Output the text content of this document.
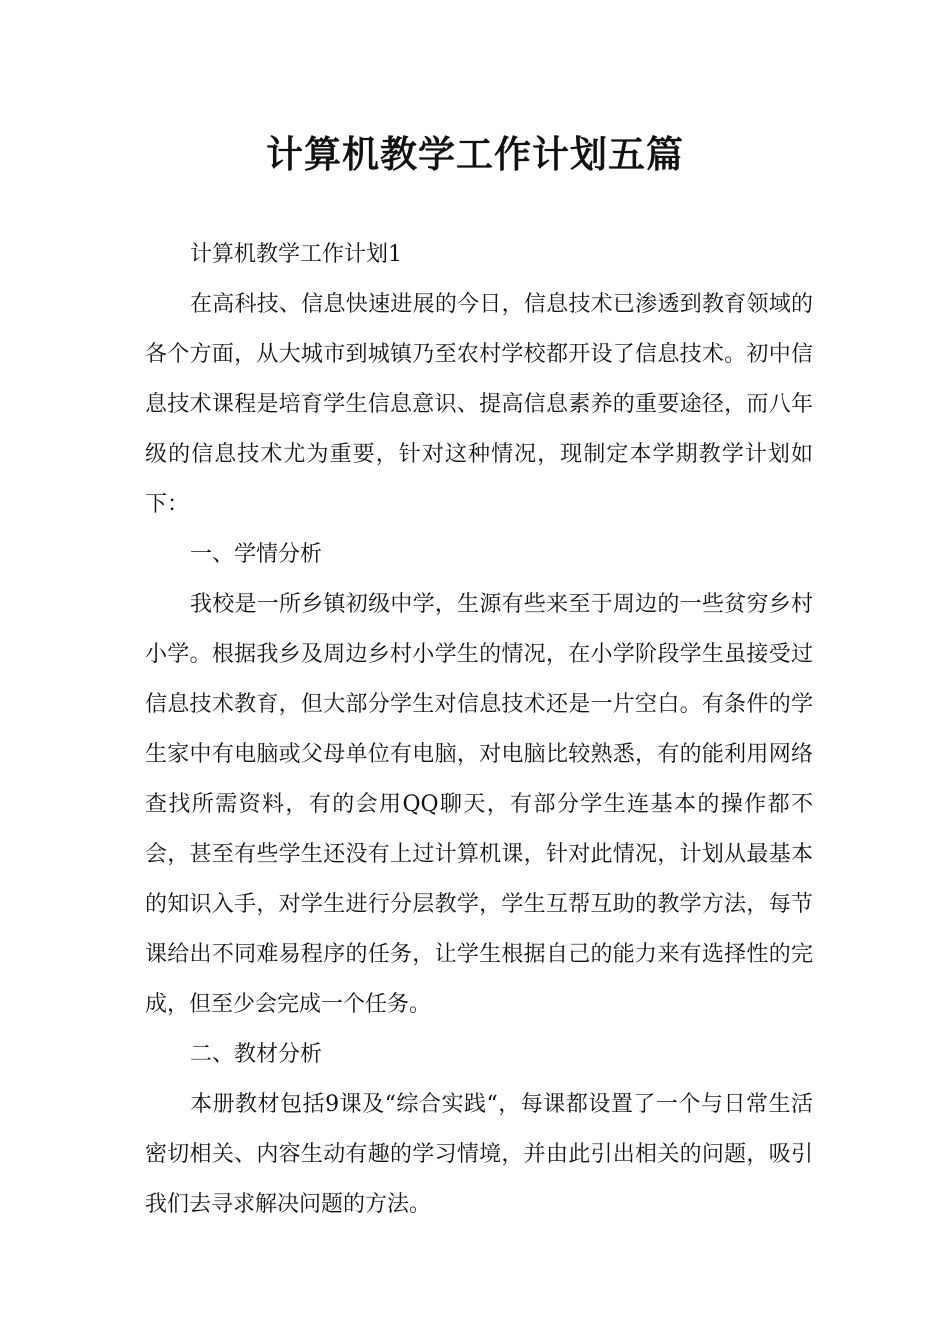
计算机教学工作计划五篇

计算机教学工作计划1

在高科技、信息快速进展的今日，信息技术已渗透到教育领域的各个方面，从大城市到城镇乃至农村学校都开设了信息技术。初中信息技术课程是培育学生信息意识、提高信息素养的重要途径，而八年级的信息技术尤为重要，针对这种情况，现制定本学期教学计划如下：

一、学情分析

我校是一所乡镇初级中学，生源有些来至于周边的一些贫穷乡村小学。根据我乡及周边乡村小学生的情况，在小学阶段学生虽接受过信息技术教育，但大部分学生对信息技术还是一片空白。有条件的学生家中有电脑或父母单位有电脑，对电脑比较熟悉，有的能利用网络查找所需资料，有的会用QQ聊天，有部分学生连基本的操作都不会，甚至有些学生还没有上过计算机课，针对此情况，计划从最基本的知识入手，对学生进行分层教学，学生互帮互助的教学方法，每节课给出不同难易程序的任务，让学生根据自己的能力来有选择性的完成，但至少会完成一个任务。

二、教材分析

本册教材包括9课及“综合实践“，每课都设置了一个与日常生活密切相关、内容生动有趣的学习情境，并由此引出相关的问题，吸引我们去寻求解决问题的方法。
